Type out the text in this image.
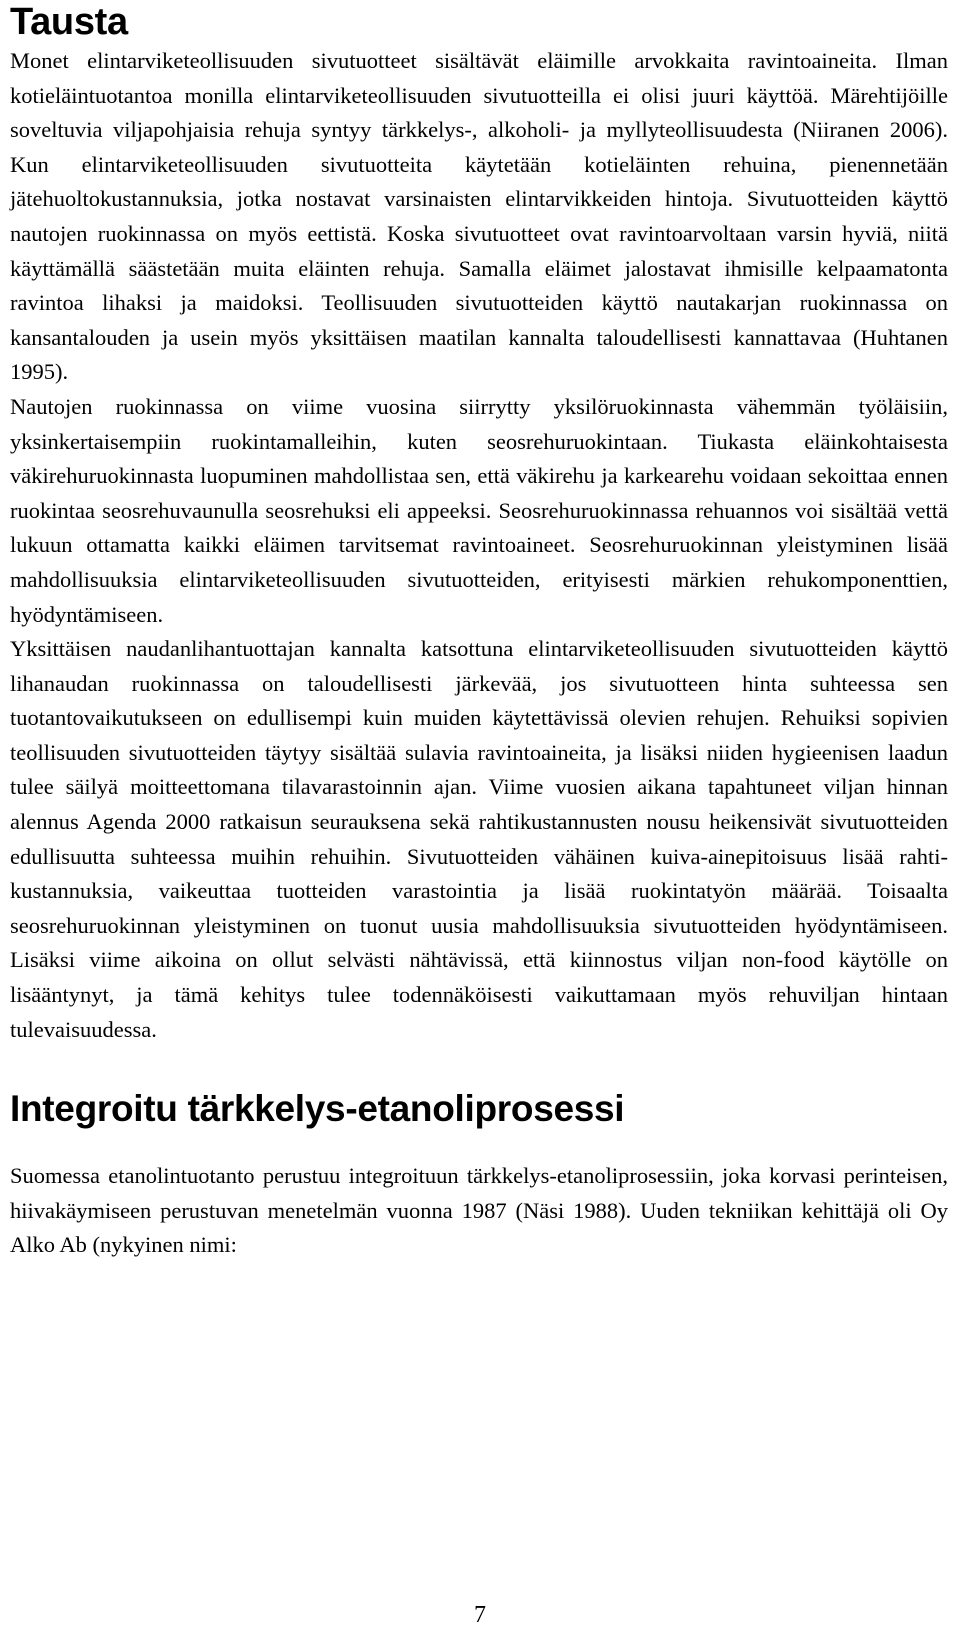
Tausta

Monet elintarviketeollisuuden sivutuotteet sisältävät eläimille arvokkaita ravintoaineita. Ilman kotieläintuotantoa monilla elintarviketeollisuuden sivutuotteilla ei olisi juuri käyttöä. Märehtijöille soveltuvia viljapohjaisia rehuja syntyy tärkkelys-, alkoholi- ja myllyteollisuudesta (Niiranen 2006). Kun elintarviketeollisuuden sivutuotteita käytetään kotieläinten rehuina, pienennetään jätehuoltokustannuksia, jotka nostavat varsinaisten elintarvikkeiden hintoja. Sivutuotteiden käyttö nautojen ruokinnassa on myös eettistä. Koska sivutuotteet ovat ravintoarvoltaan varsin hyviä, niitä käyttämällä säästetään muita eläinten rehuja. Samalla eläimet jalostavat ihmisille kelpaamatonta ravintoa lihaksi ja maidoksi. Teollisuuden sivutuotteiden käyttö nautakarjan ruokinnassa on kansantalouden ja usein myös yksittäisen maatilan kannalta taloudellisesti kannattavaa (Huhtanen 1995).

Nautojen ruokinnassa on viime vuosina siirrytty yksilöruokinnasta vähemmän työläisiin, yksinkertaisempiin ruokintamalleihin, kuten seosrehuruokintaan. Tiukasta eläinkohtaisesta väkirehuruokinnasta luopuminen mahdollistaa sen, että väkirehu ja karkearehu voidaan sekoittaa ennen ruokintaa seosrehuvaunulla seosrehuksi eli appeeksi. Seosrehuruokinnassa rehuannos voi sisältää vettä lukuun ottamatta kaikki eläimen tarvitsemat ravintoaineet. Seosrehuruokinnan yleistyminen lisää mahdollisuuksia elintarviketeollisuuden sivutuotteiden, erityisesti märkien rehukomponenttien, hyödyntämiseen.

Yksittäisen naudanlihantuottajan kannalta katsottuna elintarviketeollisuuden sivutuotteiden käyttö lihanaudan ruokinnassa on taloudellisesti järkevää, jos sivutuotteen hinta suhteessa sen tuotantovaikutukseen on edullisempi kuin muiden käytettävissä olevien rehujen. Rehuiksi sopivien teollisuuden sivutuotteiden täytyy sisältää sulavia ravintoaineita, ja lisäksi niiden hygieenisen laadun tulee säilyä moitteettomana tilavarastoinnin ajan. Viime vuosien aikana tapahtuneet viljan hinnan alennus Agenda 2000 ratkaisun seurauksena sekä rahtikustannusten nousu heikensivät sivutuotteiden edullisuutta suhteessa muihin rehuihin. Sivutuotteiden vähäinen kuiva-ainepitoisuus lisää rahtikustannuksia, vaikeuttaa tuotteiden varastointia ja lisää ruokintatyön määrää. Toisaalta seosrehuruokinnan yleistyminen on tuonut uusia mahdollisuuksia sivutuotteiden hyödyntämiseen. Lisäksi viime aikoina on ollut selvästi nähtävissä, että kiinnostus viljan non-food käytölle on lisääntynyt, ja tämä kehitys tulee todennäköisesti vaikuttamaan myös rehuviljan hintaan tulevaisuudessa.

Integroitu tärkkelys-etanoliprosessi

Suomessa etanolintuotanto perustuu integroituun tärkkelys-etanoliprosessiin, joka korvasi perinteisen, hiivakäymiseen perustuvan menetelmän vuonna 1987 (Näsi 1988). Uuden tekniikan kehittäjä oli Oy Alko Ab (nykyinen nimi:

7
